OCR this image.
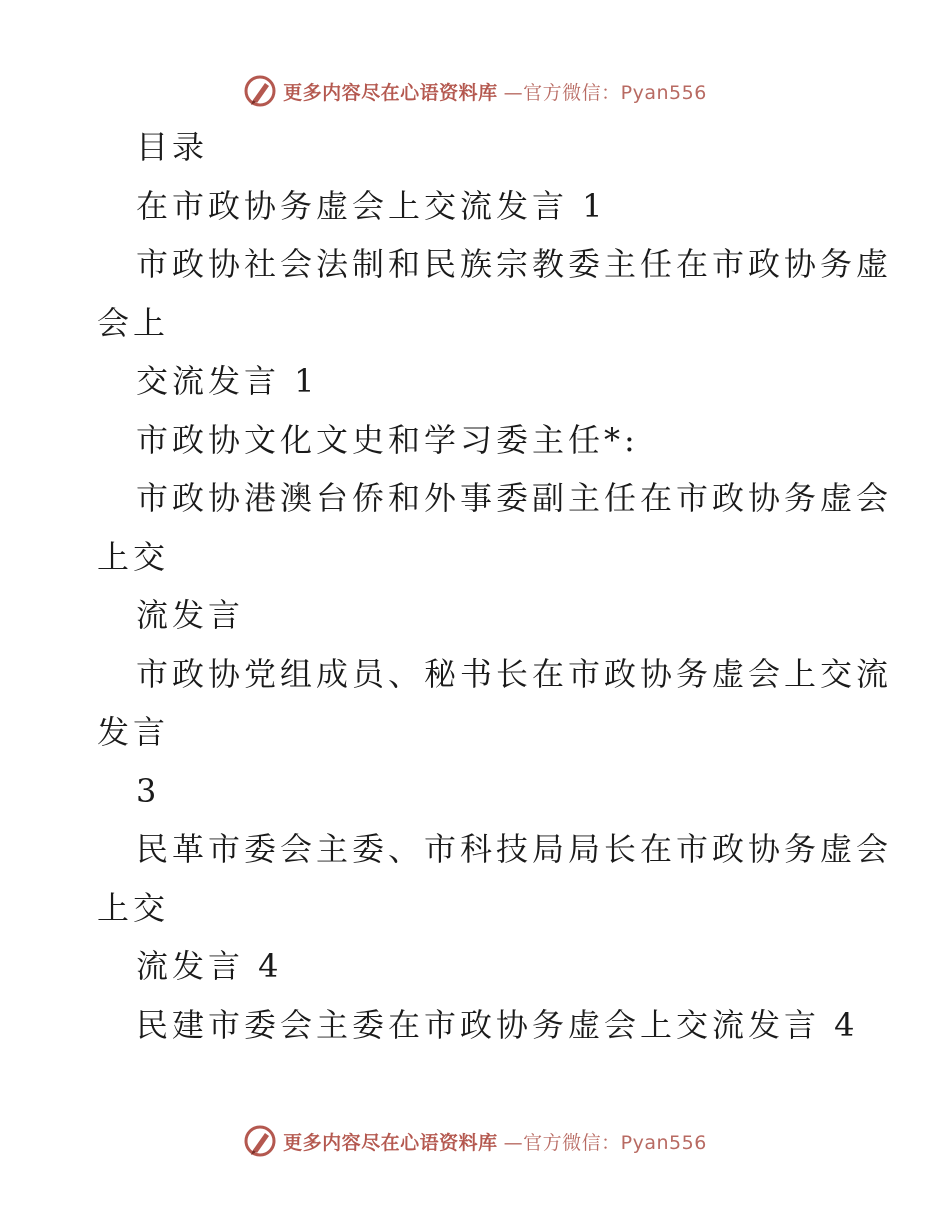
更多内容尽在心语资料库 —官方微信：Pyan556
目录
在市政协务虚会上交流发言 1
市政协社会法制和民族宗教委主任在市政协务虚
会上
交流发言 1
市政协文化文史和学习委主任*:
市政协港澳台侨和外事委副主任在市政协务虚会
上交
流发言
市政协党组成员、秘书长在市政协务虚会上交流
发言
3
民革市委会主委、市科技局局长在市政协务虚会
上交
流发言 4
民建市委会主委在市政协务虚会上交流发言 4
更多内容尽在心语资料库 —官方微信：Pyan556
